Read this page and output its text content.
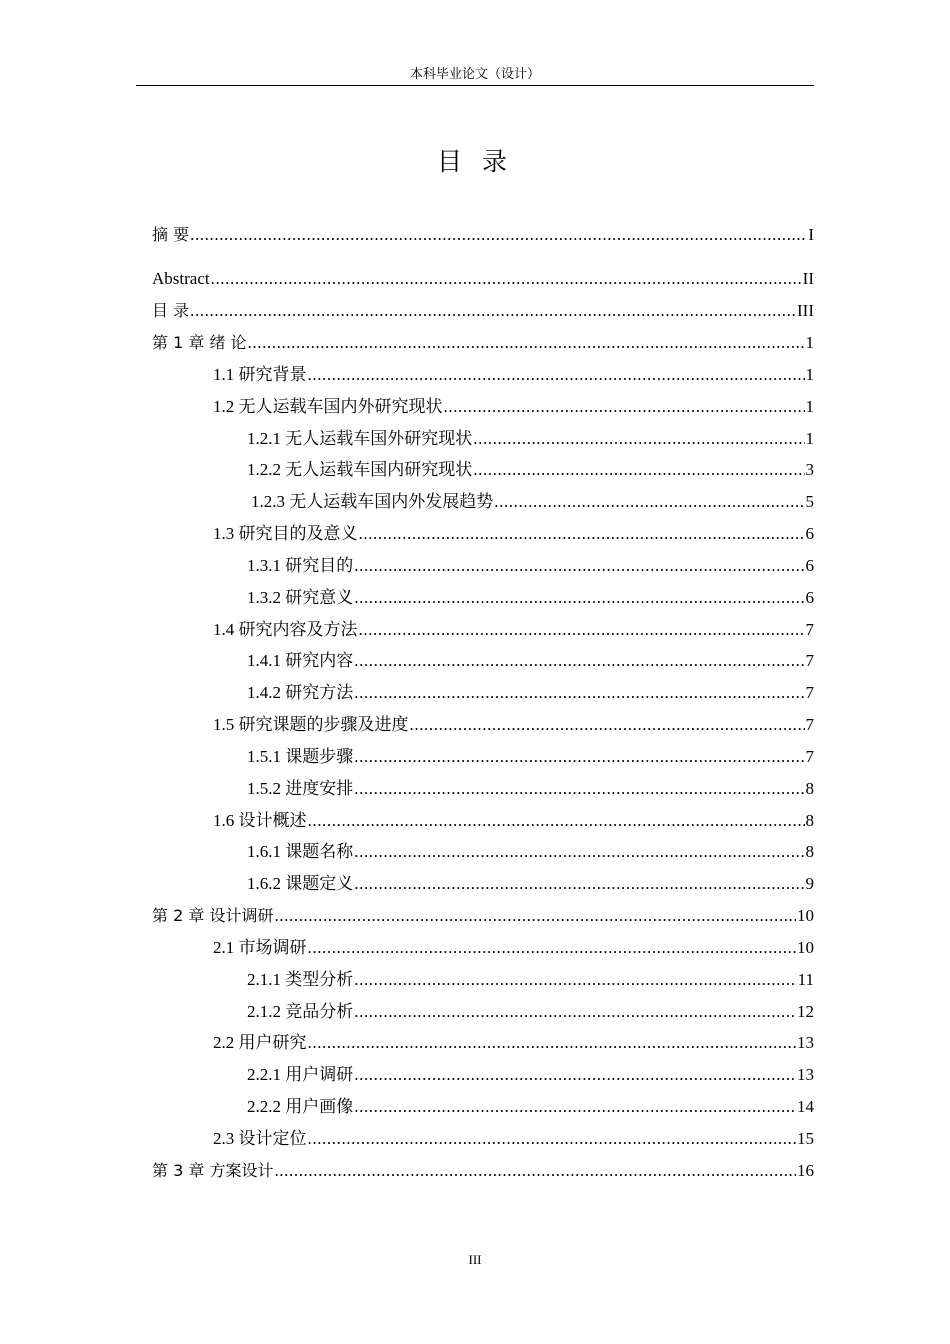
本科毕业论文（设计）
目 录
摘 要 .....	I
Abstract .....	II
目 录 .....	III
第 1 章 绪 论 .....	1
1.1 研究背景 .....	1
1.2 无人运载车国内外研究现状 .....	1
1.2.1 无人运载车国外研究现状 .....	1
1.2.2 无人运载车国内研究现状 .....	3
1.2.3 无人运载车国内外发展趋势 .....	5
1.3 研究目的及意义 .....	6
1.3.1 研究目的 .....	6
1.3.2 研究意义 .....	6
1.4 研究内容及方法 .....	7
1.4.1 研究内容 .....	7
1.4.2 研究方法 .....	7
1.5 研究课题的步骤及进度 .....	7
1.5.1 课题步骤 .....	7
1.5.2 进度安排 .....	8
1.6 设计概述 .....	8
1.6.1 课题名称 .....	8
1.6.2 课题定义 .....	9
第 2 章 设计调研 .....	10
2.1 市场调研 .....	10
2.1.1 类型分析 .....	11
2.1.2 竞品分析 .....	12
2.2 用户研究 .....	13
2.2.1 用户调研 .....	13
2.2.2 用户画像 .....	14
2.3 设计定位 .....	15
第 3 章 方案设计 .....	16
III
